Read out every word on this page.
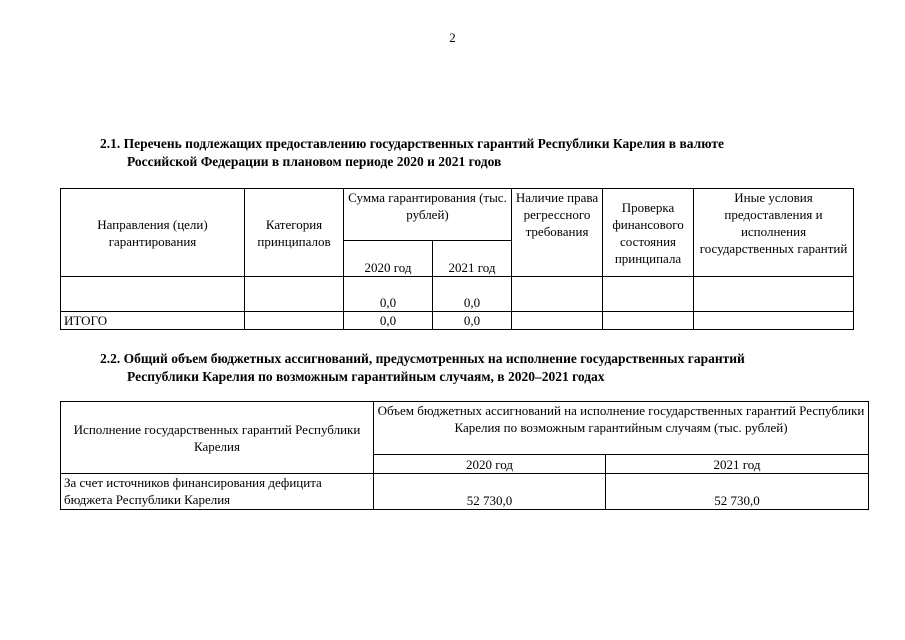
2
2.1. Перечень подлежащих предоставлению государственных гарантий Республики Карелия в валюте
Российской Федерации в плановом периоде 2020 и 2021 годов
Направления (цели) гарантирования	Категория принципалов	Сумма гарантирования (тыс. рублей)		Наличие права регрессного требования	Проверка финансового состояния принципала	Иные условия предоставления и исполнения государственных гарантий
		2020 год	2021 год			
		0,0	0,0			
ИТОГО		0,0	0,0			
2.2. Общий объем бюджетных ассигнований, предусмотренных на исполнение государственных гарантий
Республики Карелия по возможным гарантийным случаям, в 2020–2021 годах
Исполнение государственных гарантий Республики Карелия	Объем бюджетных ассигнований на исполнение государственных гарантий Республики Карелия по возможным гарантийным случаям (тыс. рублей)	
	2020 год	2021 год
За счет источников финансирования дефицита бюджета Республики Карелия	52 730,0	52 730,0
